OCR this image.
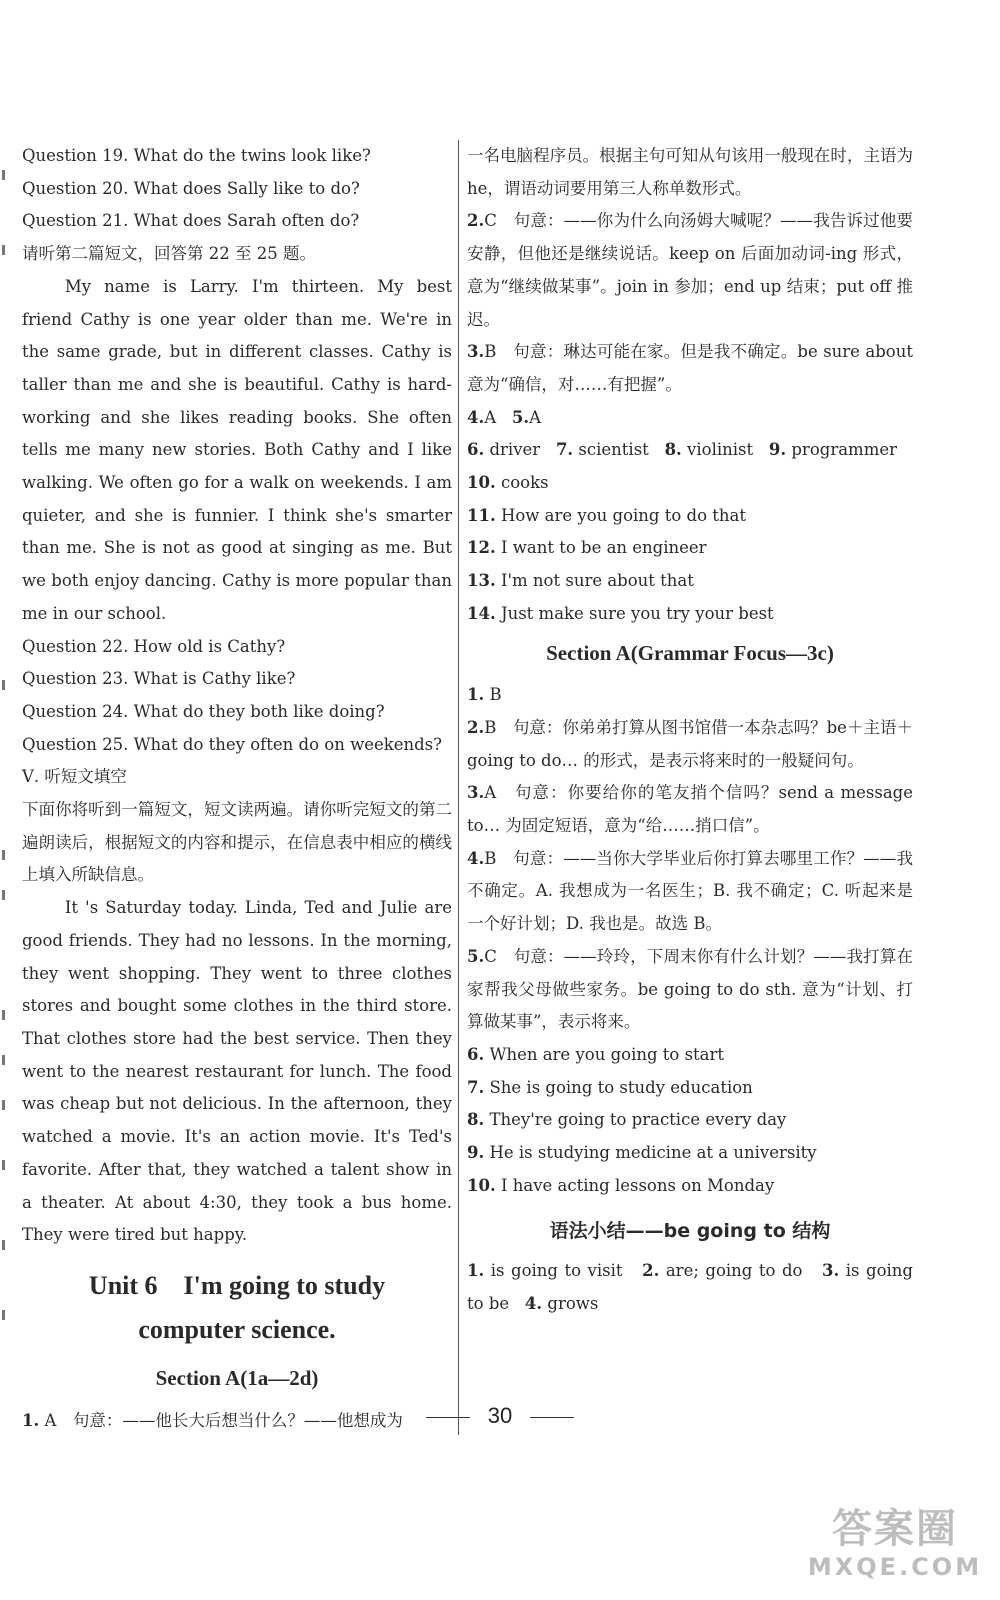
Question 19. What do the twins look like?

Question 20. What does Sally like to do?

Question 21. What does Sarah often do?

请听第二篇短文，回答第 22 至 25 题。

My name is Larry. I'm thirteen. My best friend Cathy is one year older than me. We're in the same grade, but in different classes. Cathy is taller than me and she is beautiful. Cathy is hard-working and she likes reading books. She often tells me many new stories. Both Cathy and I like walking. We often go for a walk on weekends. I am quieter, and she is funnier. I think she's smarter than me. She is not as good at singing as me. But we both enjoy dancing. Cathy is more popular than me in our school.

Question 22. How old is Cathy?

Question 23. What is Cathy like?

Question 24. What do they both like doing?

Question 25. What do they often do on weekends?

Ⅴ. 听短文填空

下面你将听到一篇短文，短文读两遍。请你听完短文的第二遍朗读后，根据短文的内容和提示，在信息表中相应的横线上填入所缺信息。

It 's Saturday today. Linda, Ted and Julie are good friends. They had no lessons. In the morning, they went shopping. They went to three clothes stores and bought some clothes in the third store. That clothes store had the best service. Then they went to the nearest restaurant for lunch. The food was cheap but not delicious. In the afternoon, they watched a movie. It's an action movie. It's Ted's favorite. After that, they watched a talent show in a theater. At about 4:30, they took a bus home. They were tired but happy.

Unit 6    I'm going to study
computer science.
Section A(1a—2d)

1. A　句意：——他长大后想当什么？——他想成为

一名电脑程序员。根据主句可知从句该用一般现在时，主语为 he，谓语动词要用第三人称单数形式。

2.C　句意：——你为什么向汤姆大喊呢？——我告诉过他要安静，但他还是继续说话。keep on 后面加动词-ing 形式，意为“继续做某事”。join in 参加；end up 结束；put off 推迟。

3.B　句意：琳达可能在家。但是我不确定。be sure about 意为“确信，对……有把握”。

4.A 5.A

6. driver 7. scientist 8. violinist 9. programmer

10. cooks

11. How are you going to do that

12. I want to be an engineer

13. I'm not sure about that

14. Just make sure you try your best

Section A(Grammar Focus—3c)

1. B

2.B　句意：你弟弟打算从图书馆借一本杂志吗？be＋主语＋going to do… 的形式，是表示将来时的一般疑问句。

3.A　句意：你要给你的笔友捎个信吗？send a message to… 为固定短语，意为“给……捎口信”。

4.B　句意：——当你大学毕业后你打算去哪里工作？——我不确定。A. 我想成为一名医生；B. 我不确定；C. 听起来是一个好计划；D. 我也是。故选 B。

5.C　句意：——玲玲，下周末你有什么计划？——我打算在家帮我父母做些家务。be going to do sth. 意为“计划、打算做某事”，表示将来。

6. When are you going to start

7. She is going to study education

8. They're going to practice every day

9. He is studying medicine at a university

10. I have acting lessons on Monday

语法小结——be going to 结构

1. is going to visit 2. are; going to do 3. is going to be 4. grows

30
答案圈
MXQE.COM
